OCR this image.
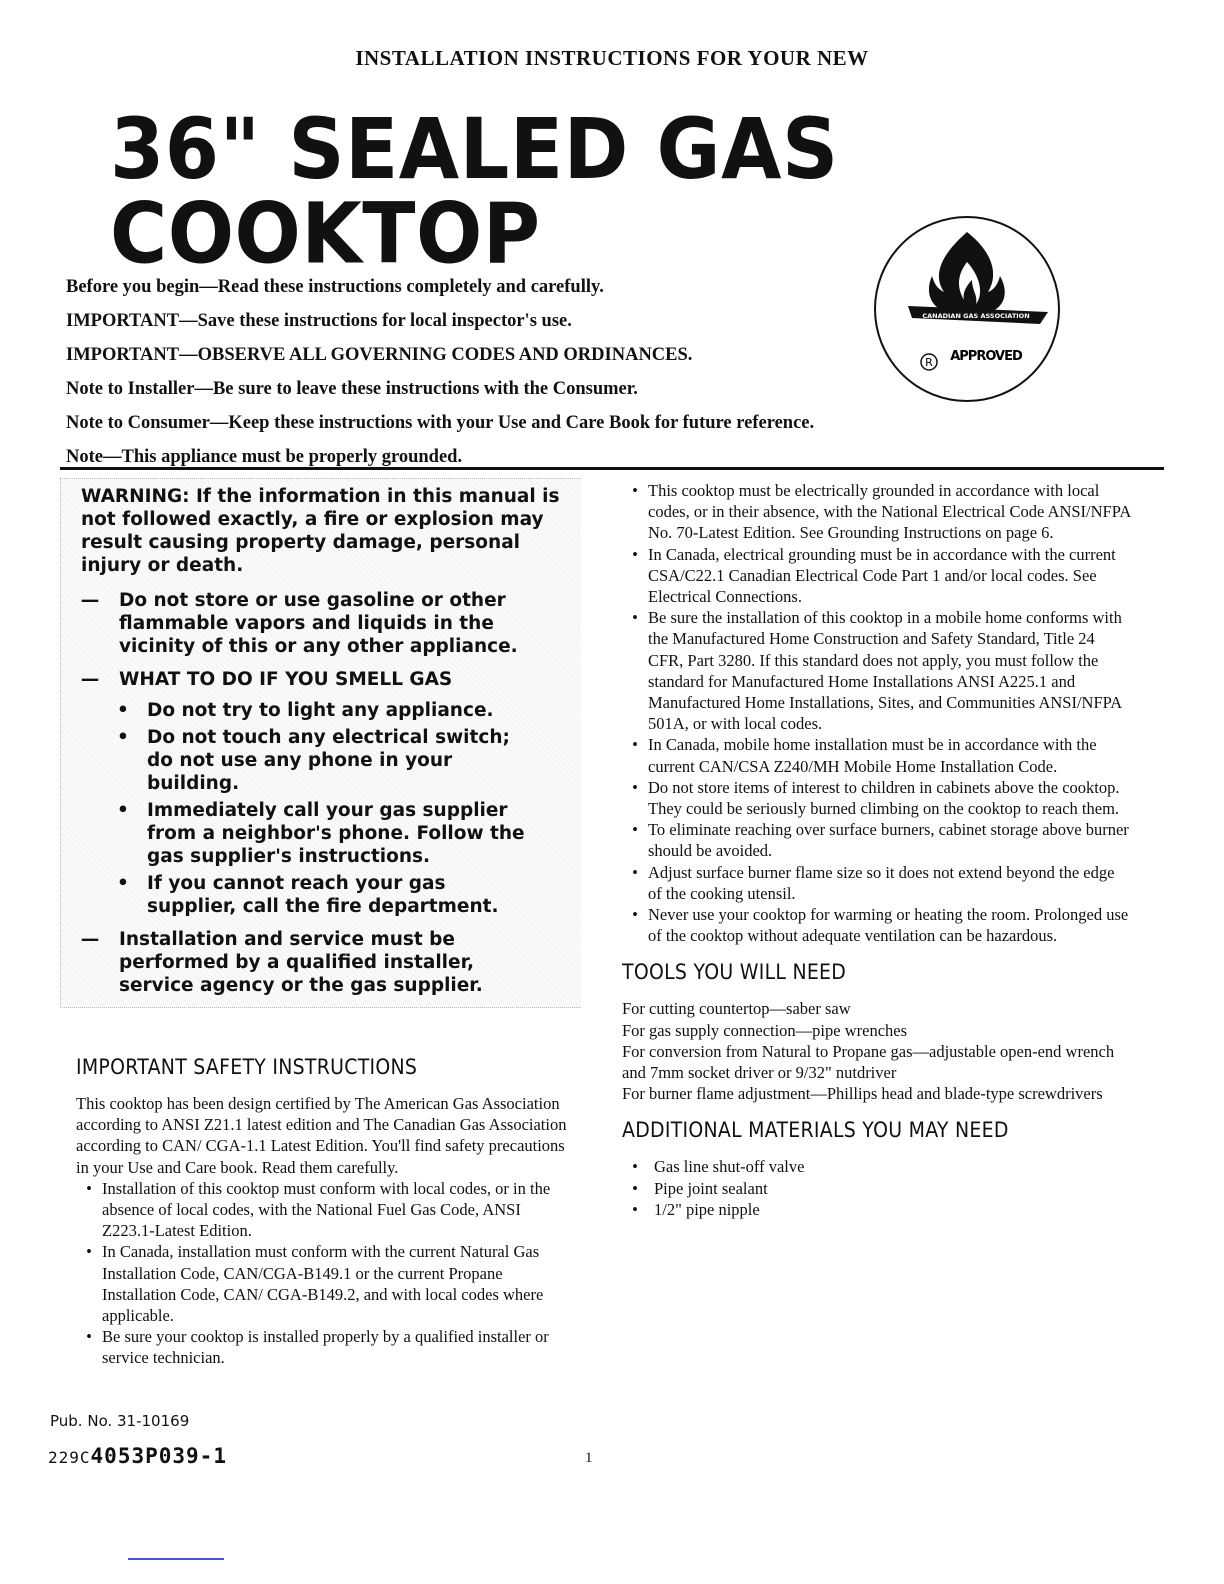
INSTALLATION INSTRUCTIONS FOR YOUR NEW
36" SEALED GAS COOKTOP
Before you begin—Read these instructions completely and carefully.
IMPORTANT—Save these instructions for local inspector's use.
IMPORTANT—OBSERVE ALL GOVERNING CODES AND ORDINANCES.
Note to Installer—Be sure to leave these instructions with the Consumer.
Note to Consumer—Keep these instructions with your Use and Care Book for future reference.
Note—This appliance must be properly grounded.
CANADIAN GAS ASSOCIATION
R APPROVED
WARNING: If the information in this manual is not followed exactly, a fire or explosion may result causing property damage, personal injury or death.
—	Do not store or use gasoline or other flammable vapors and liquids in the vicinity of this or any other appliance.
—	WHAT TO DO IF YOU SMELL GAS
• Do not try to light any appliance.
• Do not touch any electrical switch; do not use any phone in your building.
• Immediately call your gas supplier from a neighbor's phone. Follow the gas supplier's instructions.
• If you cannot reach your gas supplier, call the fire department.
—	Installation and service must be performed by a qualified installer, service agency or the gas supplier.
IMPORTANT SAFETY INSTRUCTIONS

This cooktop has been design certified by The American Gas Association according to ANSI Z21.1 latest edition and The Canadian Gas Association according to CAN/ CGA-1.1 Latest Edition. You'll find safety precautions in your Use and Care book. Read them carefully.

• Installation of this cooktop must conform with local codes, or in the absence of local codes, with the National Fuel Gas Code, ANSI Z223.1-Latest Edition.
• In Canada, installation must conform with the current Natural Gas Installation Code, CAN/CGA-B149.1 or the current Propane Installation Code, CAN/ CGA-B149.2, and with local codes where applicable.
• Be sure your cooktop is installed properly by a qualified installer or service technician.
• This cooktop must be electrically grounded in accordance with local codes, or in their absence, with the National Electrical Code ANSI/NFPA No. 70-Latest Edition. See Grounding Instructions on page 6.
• In Canada, electrical grounding must be in accordance with the current CSA/C22.1 Canadian Electrical Code Part 1 and/or local codes. See Electrical Connections.
• Be sure the installation of this cooktop in a mobile home conforms with the Manufactured Home Construction and Safety Standard, Title 24 CFR, Part 3280. If this standard does not apply, you must follow the standard for Manufactured Home Installations ANSI A225.1 and Manufactured Home Installations, Sites, and Communities ANSI/NFPA 501A, or with local codes.
• In Canada, mobile home installation must be in accordance with the current CAN/CSA Z240/MH Mobile Home Installation Code.
• Do not store items of interest to children in cabinets above the cooktop. They could be seriously burned climbing on the cooktop to reach them.
• To eliminate reaching over surface burners, cabinet storage above burner should be avoided.
• Adjust surface burner flame size so it does not extend beyond the edge of the cooking utensil.
• Never use your cooktop for warming or heating the room. Prolonged use of the cooktop without adequate ventilation can be hazardous.
TOOLS YOU WILL NEED

For cutting countertop—saber saw

For gas supply connection—pipe wrenches

For conversion from Natural to Propane gas—adjustable open-end wrench and 7mm socket driver or 9/32" nutdriver

For burner flame adjustment—Phillips head and blade-type screwdrivers

ADDITIONAL MATERIALS YOU MAY NEED
• Gas line shut-off valve
• Pipe joint sealant
• 1/2" pipe nipple
Pub. No. 31-10169
229C4053P039-1	1
